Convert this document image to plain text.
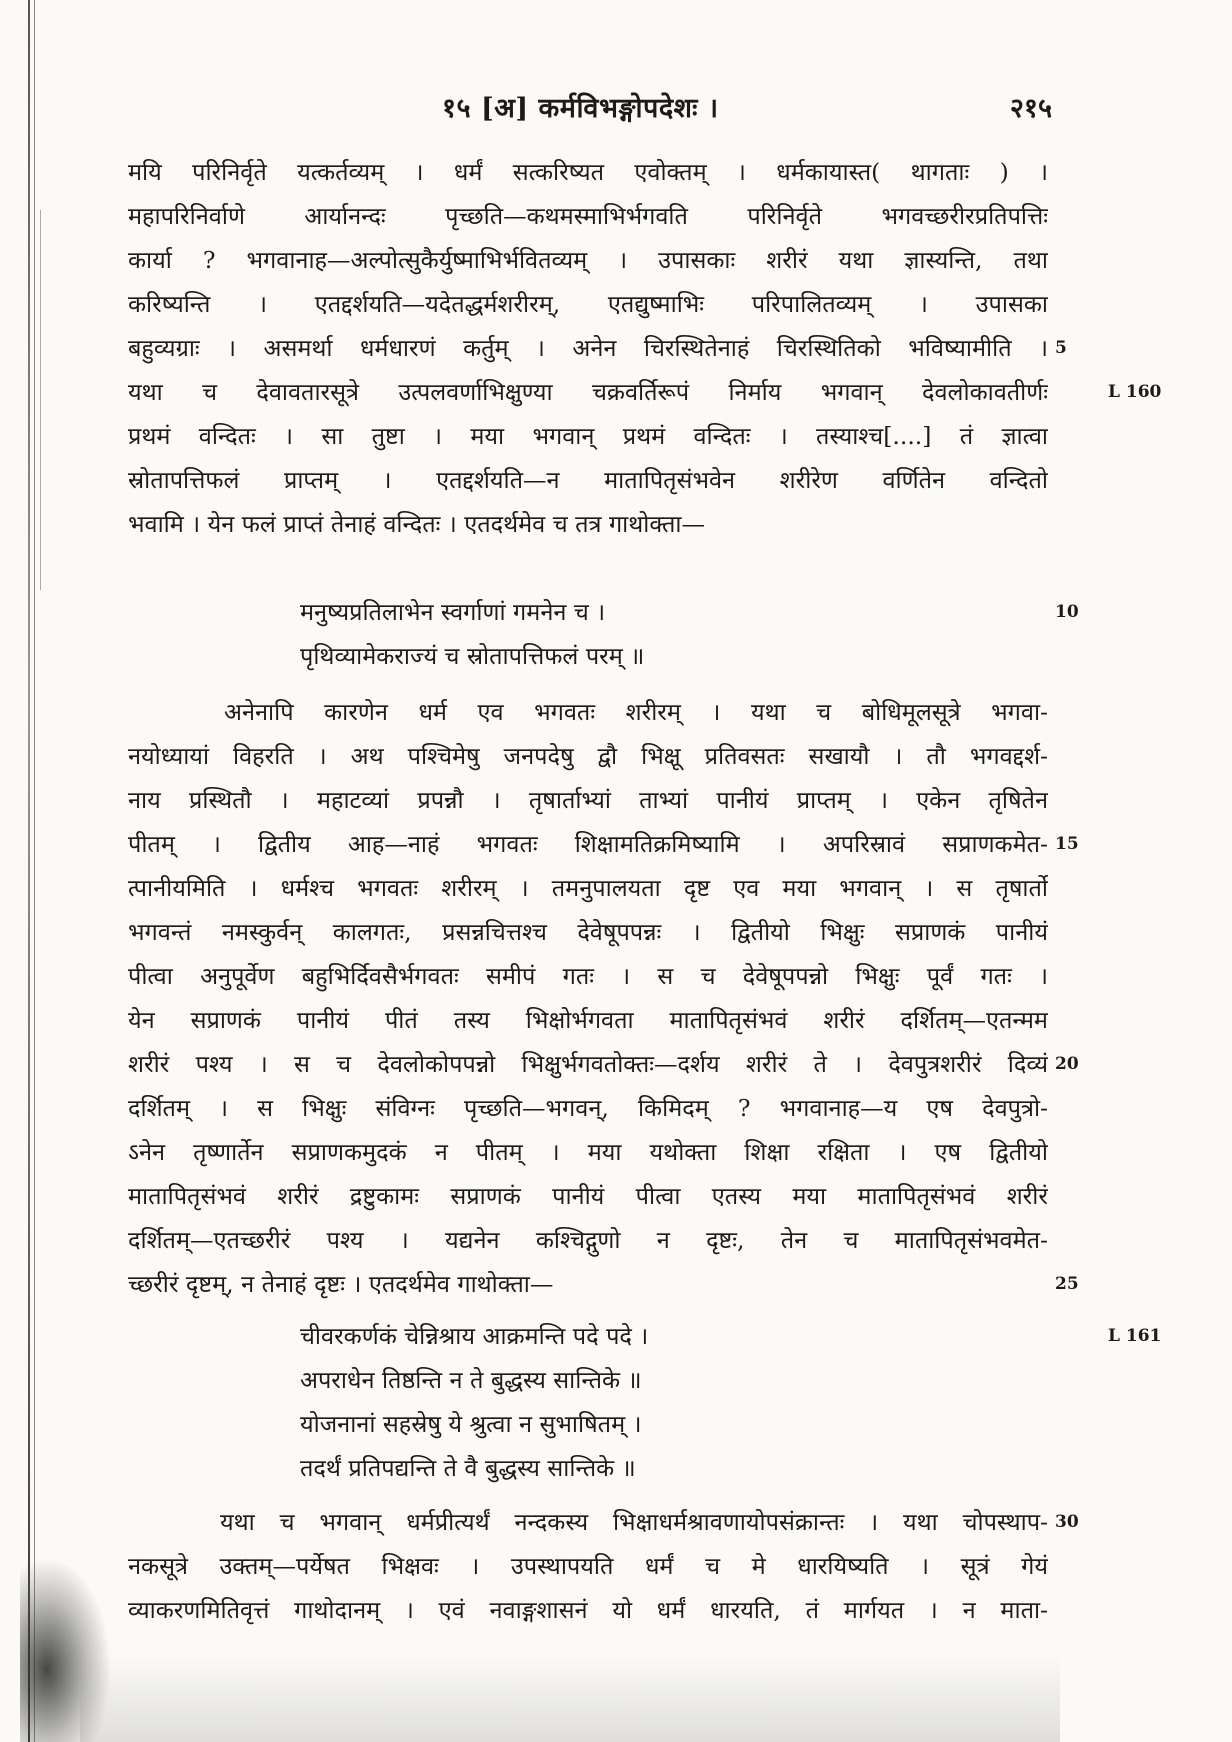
१५ [अ] कर्मविभङ्गोपदेशः ।	२१५
मयि परिनिर्वृते यत्कर्तव्यम् । धर्मं सत्करिष्यत एवोक्तम् । धर्मकायास्त( थागताः ) ।
महापरिनिर्वाणे आर्यानन्दः पृच्छति—कथमस्माभिर्भगवति परिनिर्वृते भगवच्छरीरप्रतिपत्तिः
कार्या ? भगवानाह—अल्पोत्सुकैर्युष्माभिर्भवितव्यम् । उपासकाः शरीरं यथा ज्ञास्यन्ति, तथा
करिष्यन्ति । एतद्दर्शयति—यदेतद्धर्मशरीरम्, एतद्युष्माभिः परिपालितव्यम् । उपासका
बहुव्यग्राः । असमर्था धर्मधारणं कर्तुम् । अनेन चिरस्थितेनाहं चिरस्थितिको भविष्यामीति ।
यथा च देवावतारसूत्रे उत्पलवर्णाभिक्षुण्या चक्रवर्तिरूपं निर्माय भगवान् देवलोकावतीर्णः
प्रथमं वन्दितः । सा तुष्टा । मया भगवान् प्रथमं वन्दितः । तस्याश्च[....] तं ज्ञात्वा
स्रोतापत्तिफलं प्राप्तम् । एतद्दर्शयति—न मातापितृसंभवेन शरीरेण वर्णितेन वन्दितो
भवामि । येन फलं प्राप्तं तेनाहं वन्दितः । एतदर्थमेव च तत्र गाथोक्ता—
मनुष्यप्रतिलाभेन स्वर्गाणां गमनेन च ।
पृथिव्यामेकराज्यं च स्रोतापत्तिफलं परम् ॥
अनेनापि कारणेन धर्म एव भगवतः शरीरम् । यथा च बोधिमूलसूत्रे भगवा-
नयोध्यायां विहरति । अथ पश्चिमेषु जनपदेषु द्वौ भिक्षू प्रतिवसतः सखायौ । तौ भगवद्दर्श-
नाय प्रस्थितौ । महाटव्यां प्रपन्नौ । तृषार्ताभ्यां ताभ्यां पानीयं प्राप्तम् । एकेन तृषितेन
पीतम् । द्वितीय आह—नाहं भगवतः शिक्षामतिक्रमिष्यामि । अपरिस्रावं सप्राणकमेत-
त्पानीयमिति । धर्मश्च भगवतः शरीरम् । तमनुपालयता दृष्ट एव मया भगवान् । स तृषार्तो
भगवन्तं नमस्कुर्वन् कालगतः, प्रसन्नचित्तश्च देवेषूपपन्नः । द्वितीयो भिक्षुः सप्राणकं पानीयं
पीत्वा अनुपूर्वेण बहुभिर्दिवसैर्भगवतः समीपं गतः । स च देवेषूपपन्नो भिक्षुः पूर्वं गतः ।
येन सप्राणकं पानीयं पीतं तस्य भिक्षोर्भगवता मातापितृसंभवं शरीरं दर्शितम्—एतन्मम
शरीरं पश्य । स च देवलोकोपपन्नो भिक्षुर्भगवतोक्तः—दर्शय शरीरं ते । देवपुत्रशरीरं दिव्यं
दर्शितम् । स भिक्षुः संविग्नः पृच्छति—भगवन्, किमिदम् ? भगवानाह—य एष देवपुत्रो-
ऽनेन तृष्णार्तेन सप्राणकमुदकं न पीतम् । मया यथोक्ता शिक्षा रक्षिता । एष द्वितीयो
मातापितृसंभवं शरीरं द्रष्टुकामः सप्राणकं पानीयं पीत्वा एतस्य मया मातापितृसंभवं शरीरं
दर्शितम्—एतच्छरीरं पश्य । यद्यनेन कश्चिद्गुणो न दृष्टः, तेन च मातापितृसंभवमेत-
च्छरीरं दृष्टम्, न तेनाहं दृष्टः । एतदर्थमेव गाथोक्ता—
चीवरकर्णकं चेन्निश्राय आक्रमन्ति पदे पदे ।
अपराधेन तिष्ठन्ति न ते बुद्धस्य सान्तिके ॥
योजनानां सहस्रेषु ये श्रुत्वा न सुभाषितम् ।
तदर्थं प्रतिपद्यन्ति ते वै बुद्धस्य सान्तिके ॥
यथा च भगवान् धर्मप्रीत्यर्थं नन्दकस्य भिक्षाधर्मश्रावणायोपसंक्रान्तः । यथा चोपस्थाप-
नकसूत्रे उक्तम्—पर्येषत भिक्षवः । उपस्थापयति धर्मं च मे धारयिष्यति । सूत्रं गेयं
व्याकरणमितिवृत्तं गाथोदानम् । एवं नवाङ्गशासनं यो धर्मं धारयति, तं मार्गयत । न माता-
5
10
15
20
25
30
L 160
L 161
